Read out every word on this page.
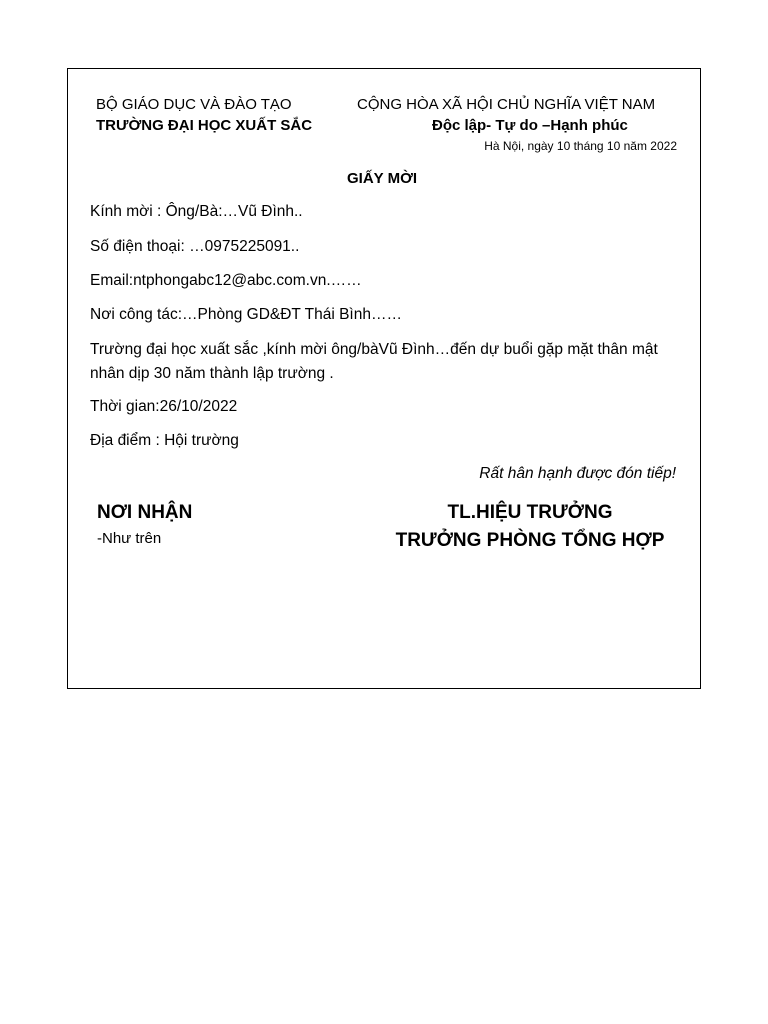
BỘ GIÁO DỤC VÀ ĐÀO TẠO
TRƯỜNG ĐẠI HỌC XUẤT SẮC
CỘNG HÒA XÃ HỘI CHỦ NGHĨA VIỆT NAM
Độc lập- Tự do –Hạnh phúc
Hà Nội, ngày 10 tháng 10 năm 2022
GIẤY MỜI
Kính mời : Ông/Bà:…Vũ Đình..
Số điện thoại: …0975225091..
Email:ntphongabc12@abc.com.vn.……
Nơi công tác:…Phòng GD&ĐT Thái Bình……
Trường đại học xuất sắc ,kính mời ông/bàVũ Đình…đến dự buổi gặp mặt thân mật nhân dịp 30 năm thành lập trường .
Thời gian:26/10/2022
Địa điểm : Hội trường
Rất hân hạnh được đón tiếp!
NƠI NHẬN
-Như trên
TL.HIỆU TRƯỞNG
TRƯỞNG PHÒNG TỔNG HỢP
